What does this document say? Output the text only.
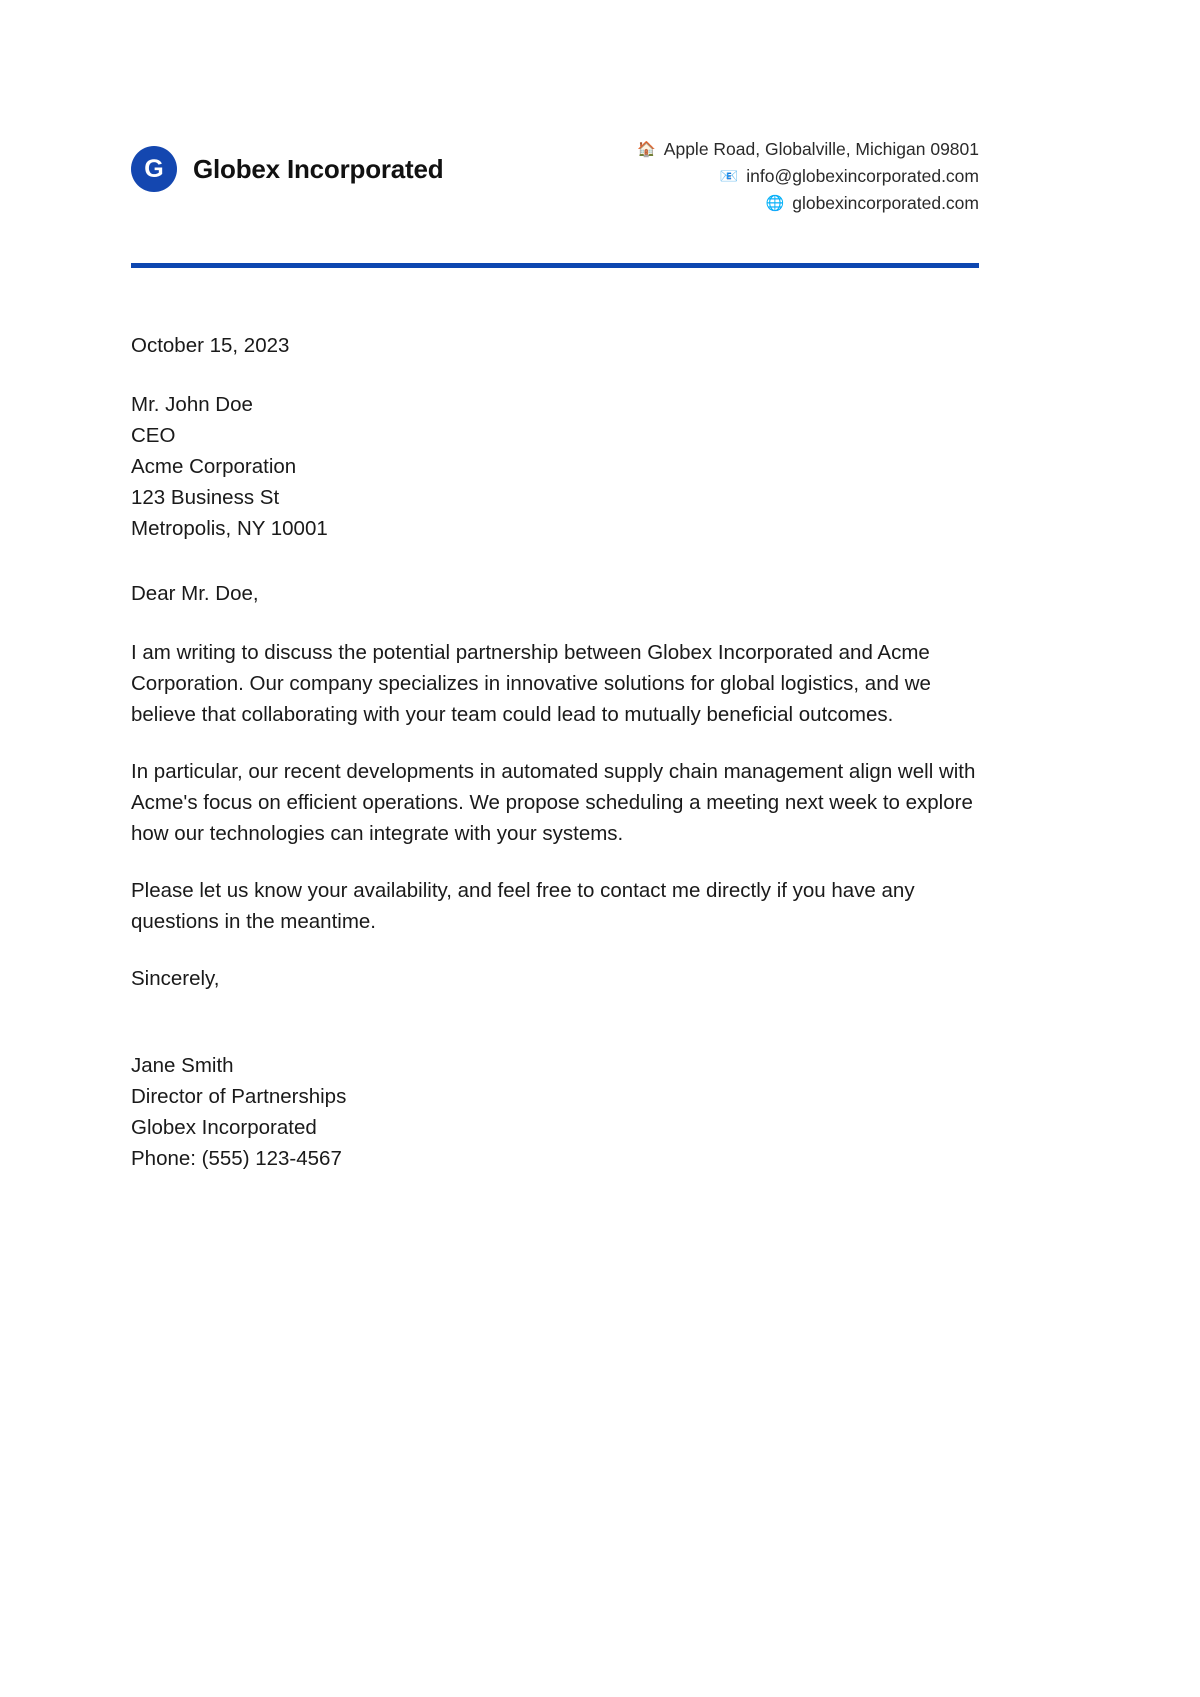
G	Globex Incorporated
🏠 Apple Road, Globalville, Michigan 09801
📧 info@globexincorporated.com
🌐 globexincorporated.com

October 15, 2023

Mr. John Doe
CEO
Acme Corporation
123 Business St
Metropolis, NY 10001

Dear Mr. Doe,

I am writing to discuss the potential partnership between Globex Incorporated and Acme Corporation. Our company specializes in innovative solutions for global logistics, and we believe that collaborating with your team could lead to mutually beneficial outcomes.

In particular, our recent developments in automated supply chain management align well with Acme's focus on efficient operations. We propose scheduling a meeting next week to explore how our technologies can integrate with your systems.

Please let us know your availability, and feel free to contact me directly if you have any questions in the meantime.

Sincerely,

Jane Smith
Director of Partnerships
Globex Incorporated
Phone: (555) 123-4567
